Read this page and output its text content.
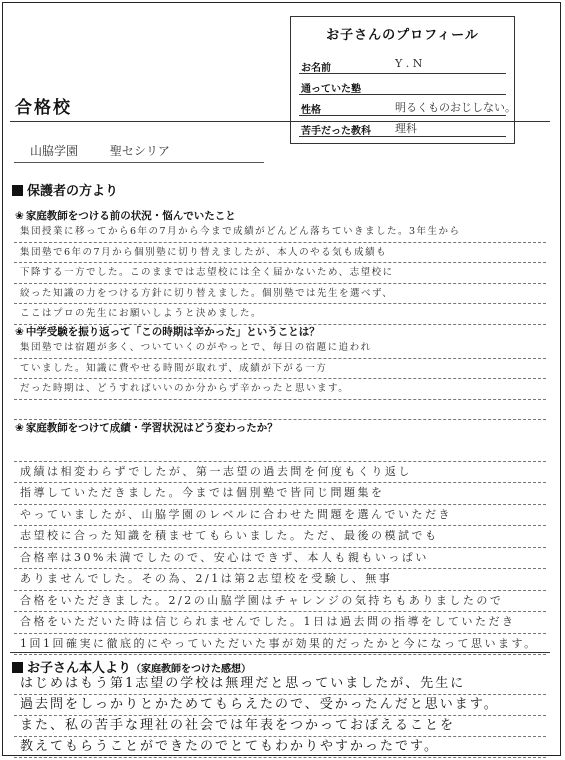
お子さんのプロフィール
お名前	Y . N
通っていた塾
性格	明るくものおじしない。
苦手だった教科 理科
合格校
山脇学園 聖セシリア
保護者の方より
❀ 家庭教師をつける前の状況・悩んでいたこと
集団授業に移ってから6年の7月から今まで成績がどんどん落ちていきました。3年生から
集団塾で6年の7月から個別塾に切り替えましたが、本人のやる気も成績も
下降する一方でした。このままでは志望校には全く届かないため、志望校に
絞った知識の力をつける方針に切り替えました。個別塾では先生を選べず、
ここはプロの先生にお願いしようと決めました。
❀ 中学受験を振り返って「この時期は辛かった」ということは？
集団塾では宿題が多く、ついていくのがやっとで、毎日の宿題に追われ
ていました。知識に費やせる時間が取れず、成績が下がる一方
だった時期は、どうすればいいのか分からず辛かったと思います。
❀ 家庭教師をつけて成績・学習状況はどう変わったか？
成績は相変わらずでしたが、第一志望の過去問を何度もくり返し
指導していただきました。今までは個別塾で皆同じ問題集を
やっていましたが、山脇学園のレベルに合わせた問題を選んでいただき
志望校に合った知識を積ませてもらいました。ただ、最後の模試でも
合格率は30%未満でしたので、安心はできず、本人も親もいっぱい
ありませんでした。その為、2/1は第2志望校を受験し、無事
合格をいただきました。2/2の山脇学園はチャレンジの気持ちもありましたので
合格をいただいた時は信じられませんでした。1日は過去問の指導をしていただき
1回1回確実に徹底的にやっていただいた事が効果的だったかと今になって思います。
お子さん本人より（家庭教師をつけた感想）
はじめはもう第1志望の学校は無理だと思っていましたが、先生に
過去問をしっかりとかためてもらえたので、受かったんだと思います。
また、私の苦手な理社の社会では年表をつかっておぼえることを
教えてもらうことができたのでとてもわかりやすかったです。
